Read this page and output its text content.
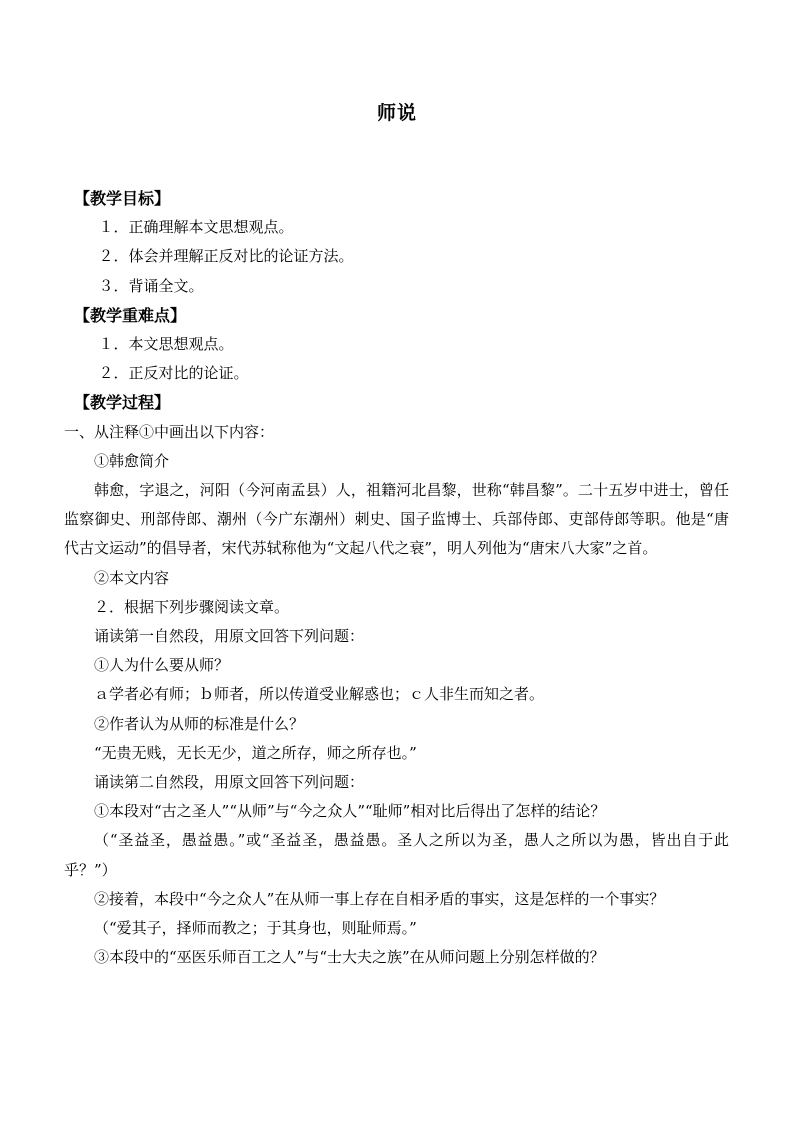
师说

【教学目标】

１．正确理解本文思想观点。

２．体会并理解正反对比的论证方法。

３．背诵全文。

【教学重难点】

１．本文思想观点。

２．正反对比的论证。

【教学过程】

一、从注释①中画出以下内容：

①韩愈简介

韩愈，字退之，河阳（今河南孟县）人，祖籍河北昌黎，世称“韩昌黎”。二十五岁中进士，曾任监察御史、刑部侍郎、潮州（今广东潮州）刺史、国子监博士、兵部侍郎、吏部侍郎等职。他是“唐代古文运动”的倡导者，宋代苏轼称他为“文起八代之衰”，明人列他为“唐宋八大家”之首。

②本文内容

２．根据下列步骤阅读文章。

诵读第一自然段，用原文回答下列问题：

①人为什么要从师？

ａ学者必有师；ｂ师者，所以传道受业解惑也；ｃ人非生而知之者。

②作者认为从师的标准是什么？

“无贵无贱，无长无少，道之所存，师之所存也。”

诵读第二自然段，用原文回答下列问题：

①本段对“古之圣人”“从师”与“今之众人”“耻师”相对比后得出了怎样的结论？

（“圣益圣，愚益愚。”或“圣益圣，愚益愚。圣人之所以为圣，愚人之所以为愚，皆出自于此乎？”）

②接着，本段中“今之众人”在从师一事上存在自相矛盾的事实，这是怎样的一个事实？

（“爱其子，择师而教之；于其身也，则耻师焉。”

③本段中的“巫医乐师百工之人”与“士大夫之族”在从师问题上分别怎样做的？
